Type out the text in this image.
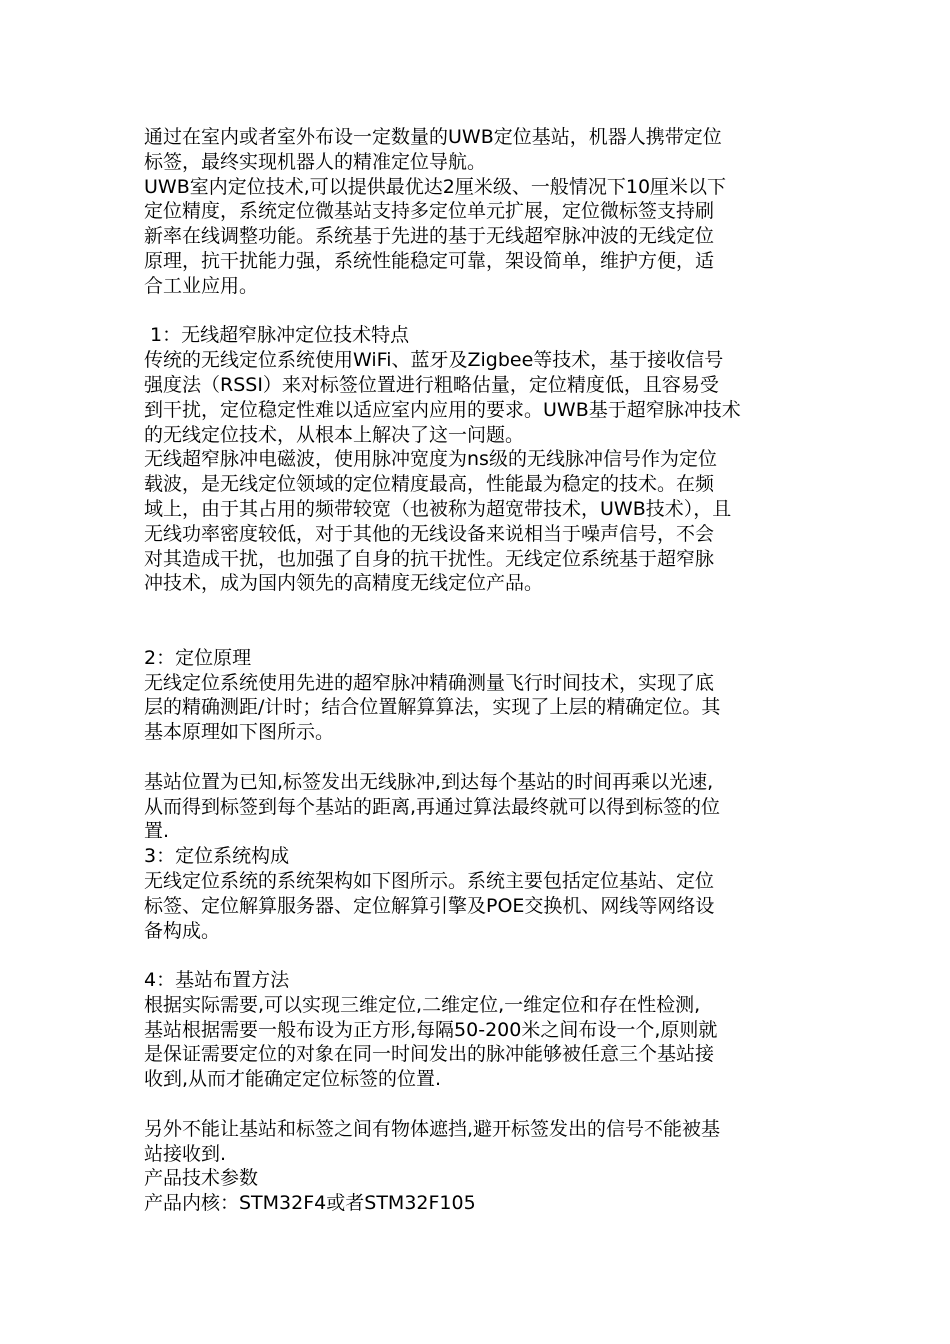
通过在室内或者室外布设一定数量的UWB定位基站，机器人携带定位
标签，最终实现机器人的精准定位导航。
UWB室内定位技术,可以提供最优达2厘米级、一般情况下10厘米以下
定位精度，系统定位微基站支持多定位单元扩展，定位微标签支持刷
新率在线调整功能。系统基于先进的基于无线超窄脉冲波的无线定位
原理，抗干扰能力强，系统性能稳定可靠，架设简单，维护方便，适
合工业应用。
1：无线超窄脉冲定位技术特点
传统的无线定位系统使用WiFi、蓝牙及Zigbee等技术，基于接收信号
强度法（RSSI）来对标签位置进行粗略估量，定位精度低，且容易受
到干扰，定位稳定性难以适应室内应用的要求。UWB基于超窄脉冲技术
的无线定位技术，从根本上解决了这一问题。
无线超窄脉冲电磁波，使用脉冲宽度为ns级的无线脉冲信号作为定位
载波，是无线定位领域的定位精度最高，性能最为稳定的技术。在频
域上，由于其占用的频带较宽（也被称为超宽带技术，UWB技术），且
无线功率密度较低，对于其他的无线设备来说相当于噪声信号，不会
对其造成干扰，也加强了自身的抗干扰性。无线定位系统基于超窄脉
冲技术，成为国内领先的高精度无线定位产品。
2：定位原理
无线定位系统使用先进的超窄脉冲精确测量飞行时间技术，实现了底
层的精确测距/计时；结合位置解算算法，实现了上层的精确定位。其
基本原理如下图所示。
基站位置为已知,标签发出无线脉冲,到达每个基站的时间再乘以光速,
从而得到标签到每个基站的距离,再通过算法最终就可以得到标签的位
置.
3：定位系统构成
无线定位系统的系统架构如下图所示。系统主要包括定位基站、定位
标签、定位解算服务器、定位解算引擎及POE交换机、网线等网络设
备构成。
4：基站布置方法
根据实际需要,可以实现三维定位,二维定位,一维定位和存在性检测,
基站根据需要一般布设为正方形,每隔50-200米之间布设一个,原则就
是保证需要定位的对象在同一时间发出的脉冲能够被任意三个基站接
收到,从而才能确定定位标签的位置.
另外不能让基站和标签之间有物体遮挡,避开标签发出的信号不能被基
站接收到.
产品技术参数
产品内核：STM32F4或者STM32F105
